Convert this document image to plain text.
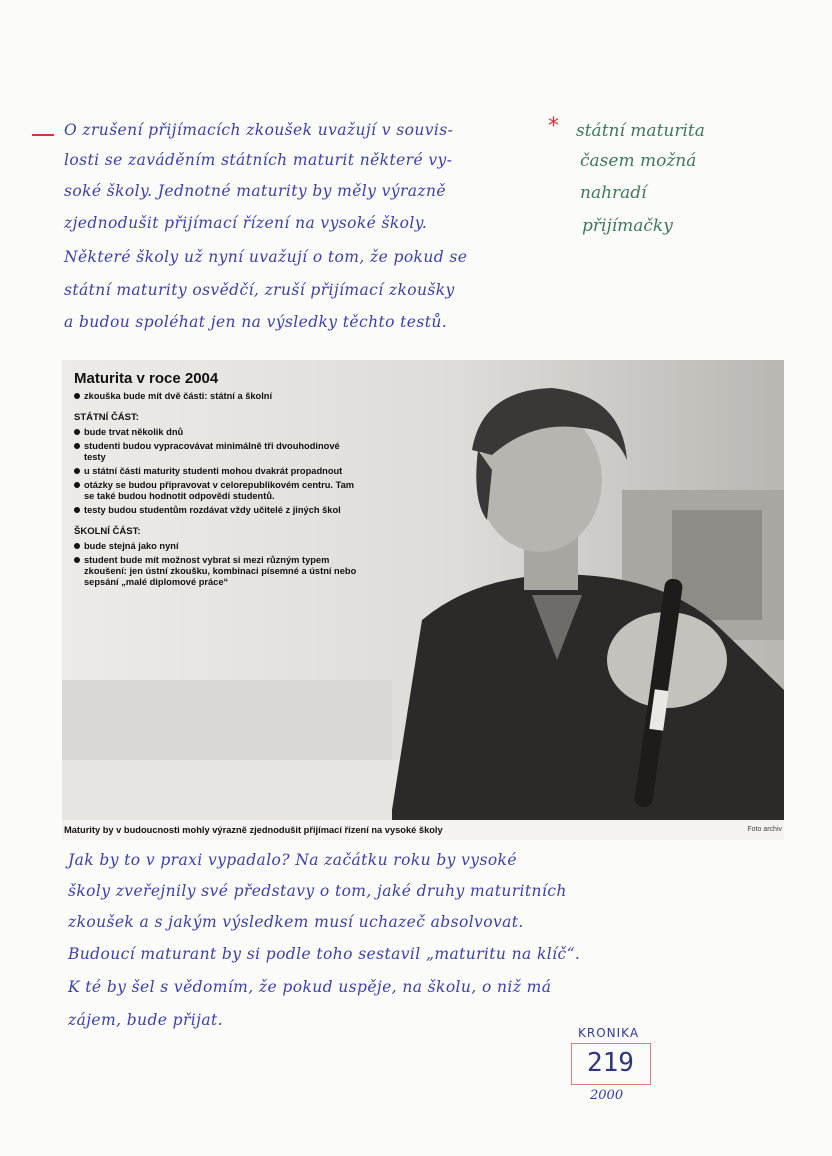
O zrušení přijímacích zkoušek uvažují v souvis-
losti se zaváděním státních maturit některé vy-
soké školy. Jednotné maturity by měly výrazně
zjednodušit přijímací řízení na vysoké školy.
Některé školy už nyní uvažují o tom, že pokud se
státní maturity osvědčí, zruší přijímací zkoušky
a budou spoléhat jen na výsledky těchto testů.
* státní maturita
časem možná
nahradí
přijímačky
Maturita v roce 2004
zkouška bude mít dvě části: státní a školní
STÁTNÍ ČÁST:
bude trvat několik dnů
studenti budou vypracovávat minimálně tři dvouhodinové testy
u státní části maturity studenti mohou dvakrát propadnout
otázky se budou připravovat v celorepublikovém centru. Tam se také budou hodnotit odpovědi studentů.
testy budou studentům rozdávat vždy učitelé z jiných škol
ŠKOLNÍ ČÁST:
bude stejná jako nyní
student bude mít možnost vybrat si mezi různým typem zkoušení: jen ústní zkoušku, kombinaci písemné a ústní nebo sepsání „malé diplomové práce“
Maturity by v budoucnosti mohly výrazně zjednodušit přijímací řízení na vysoké školy	Foto archiv
Jak by to v praxi vypadalo? Na začátku roku by vysoké
školy zveřejnily své představy o tom, jaké druhy maturitních
zkoušek a s jakým výsledkem musí uchazeč absolvovat.
Budoucí maturant by si podle toho sestavil „maturitu na klíč“.
K té by šel s vědomím, že pokud uspěje, na školu, o niž má
zájem, bude přijat.
KRONIKA
219
2000
